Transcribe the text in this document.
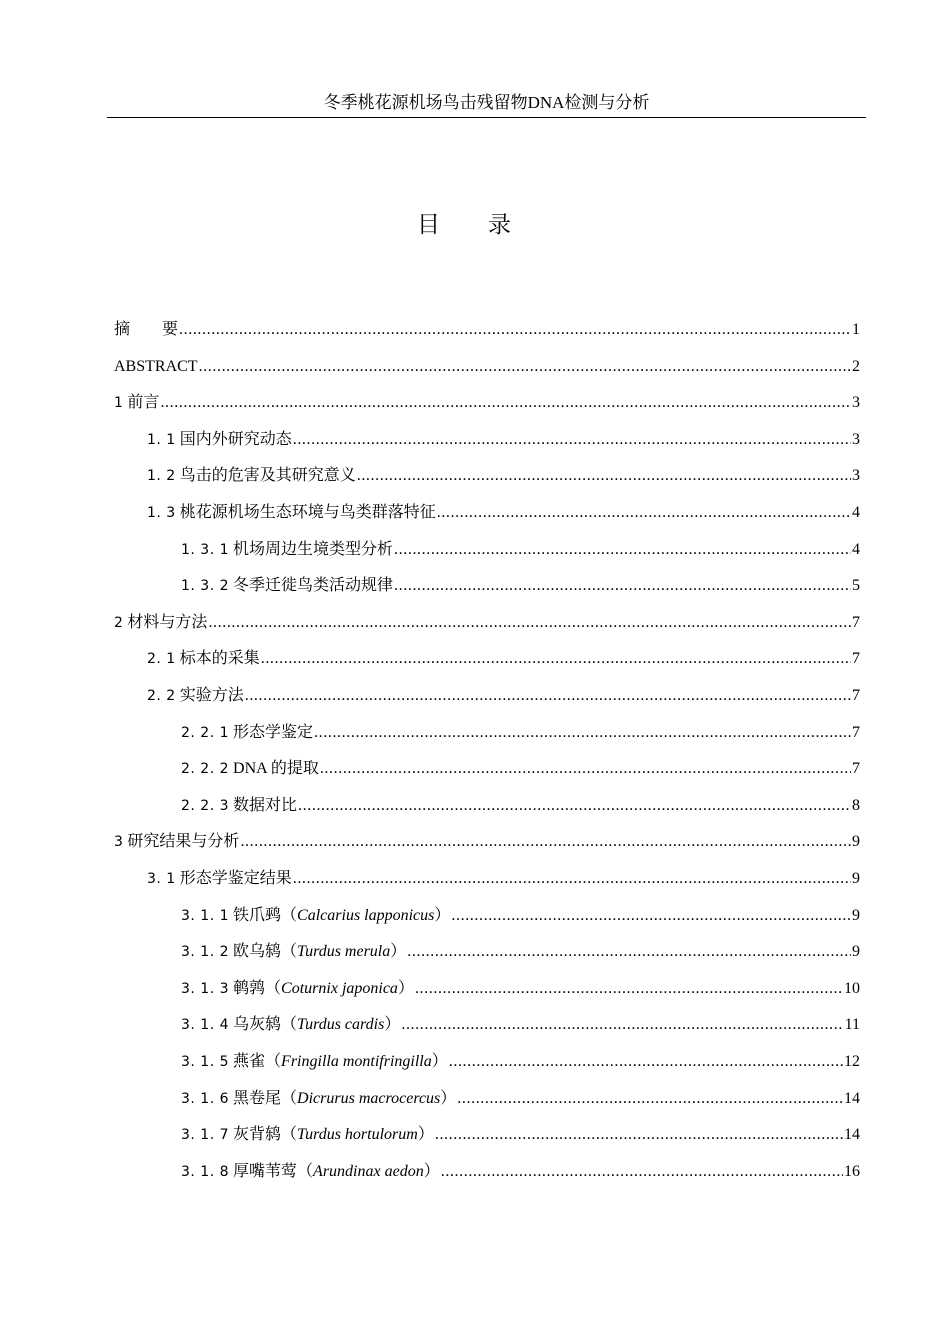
冬季桃花源机场鸟击残留物DNA检测与分析
目录
摘　　要 .....	1
ABSTRACT .....	2
1 前言 .....	3
1. 1 国内外研究动态 .....	3
1. 2 鸟击的危害及其研究意义 .....	3
1. 3 桃花源机场生态环境与鸟类群落特征 .....	4
1. 3. 1 机场周边生境类型分析 .....	4
1. 3. 2 冬季迁徙鸟类活动规律 .....	5
2 材料与方法 .....	7
2. 1 标本的采集 .....	7
2. 2 实验方法 .....	7
2. 2. 1 形态学鉴定 .....	7
2. 2. 2 DNA 的提取 .....	7
2. 2. 3 数据对比 .....	8
3 研究结果与分析 .....	9
3. 1 形态学鉴定结果 .....	9
3. 1. 1 铁爪鹀（Calcarius lapponicus） .....	9
3. 1. 2 欧乌鸫（Turdus merula） .....	9
3. 1. 3 鹌鹑（Coturnix japonica） .....	10
3. 1. 4 乌灰鸫（Turdus cardis） .....	11
3. 1. 5 燕雀（Fringilla montifringilla） .....	12
3. 1. 6 黑卷尾（Dicrurus macrocercus） .....	14
3. 1. 7 灰背鸫（Turdus hortulorum） .....	14
3. 1. 8 厚嘴苇莺（Arundinax aedon） .....	16
